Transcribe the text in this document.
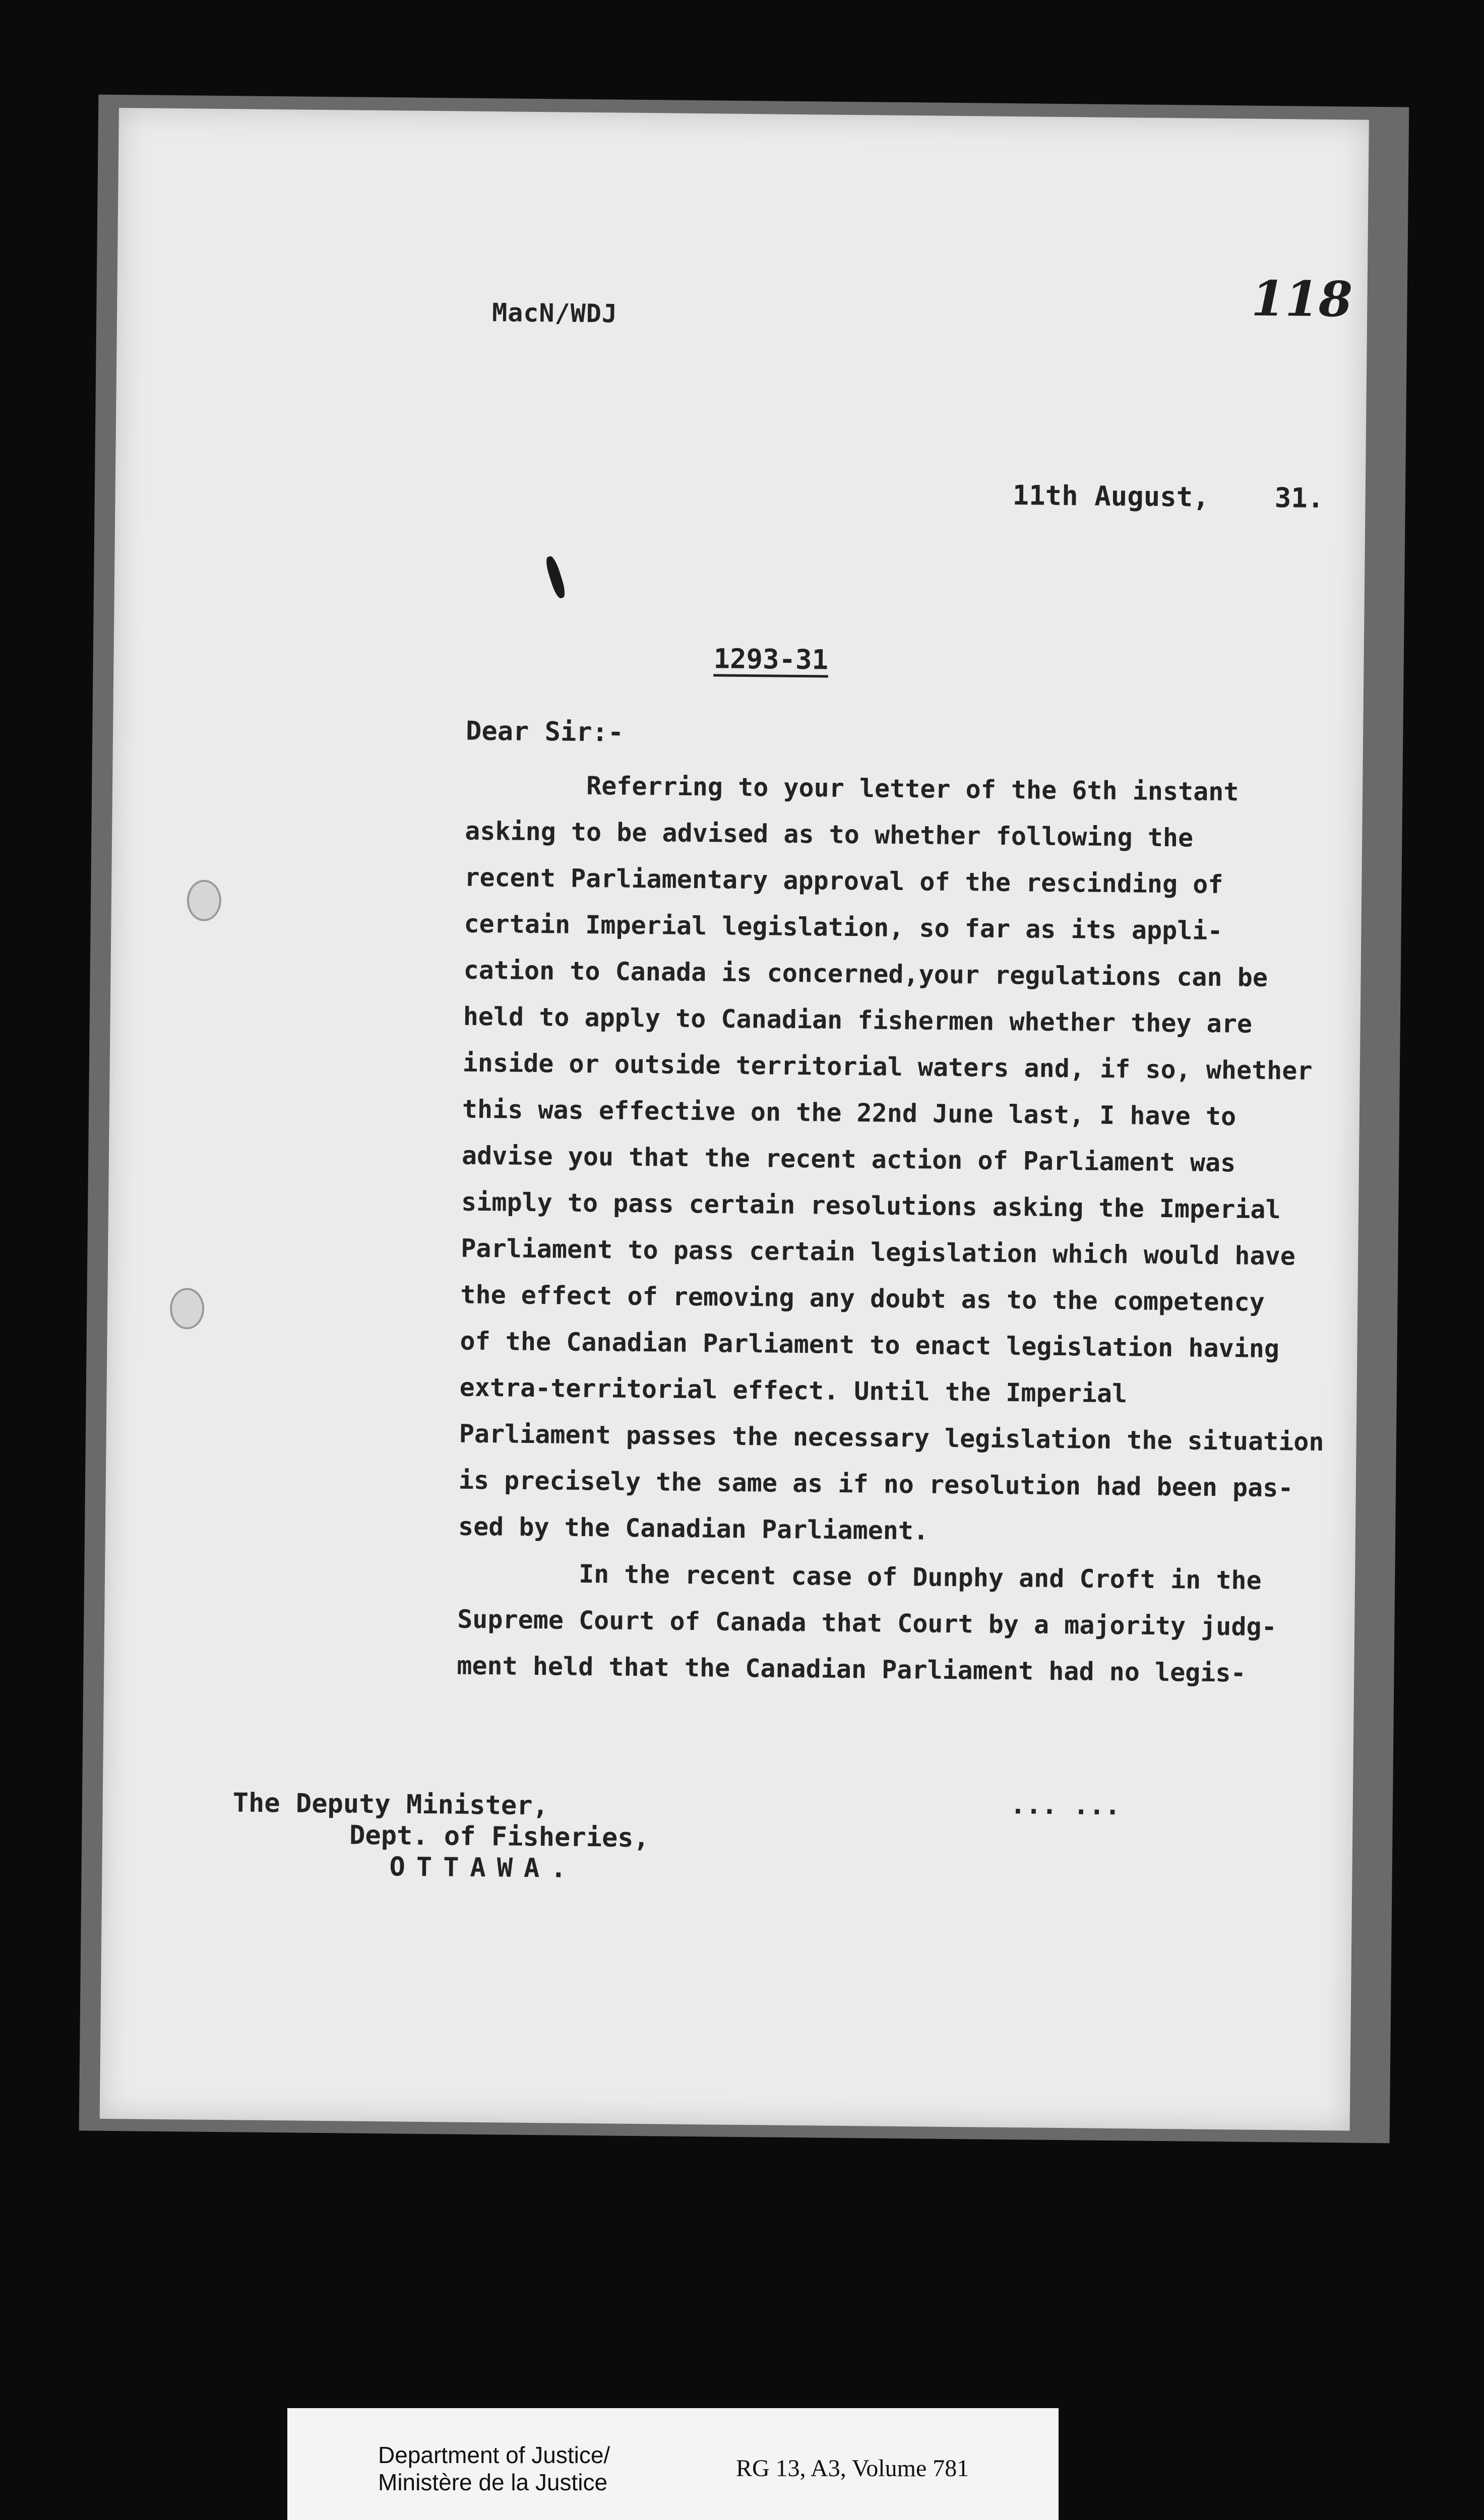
MacN/WDJ	118
11th August, 31.
1293-31
Dear Sir:-
Referring to your letter of the 6th instant
asking to be advised as to whether following the
recent Parliamentary approval of the rescinding of
certain Imperial legislation, so far as its appli-
cation to Canada is concerned,your regulations can be
held to apply to Canadian fishermen whether they are
inside or outside territorial waters and, if so, whether
this was effective on the 22nd June last, I have to
advise you that the recent action of Parliament was
simply to pass certain resolutions asking the Imperial
Parliament to pass certain legislation which would have
the effect of removing any doubt as to the competency
of the Canadian Parliament to enact legislation having
extra-territorial effect. Until the Imperial
Parliament passes the necessary legislation the situation
is precisely the same as if no resolution had been pas-
sed by the Canadian Parliament.
In the recent case of Dunphy and Croft in the
Supreme Court of Canada that Court by a majority judg-
ment held that the Canadian Parliament had no legis-
... ...
The Deputy Minister,
Dept. of Fisheries,
OTTAWA.
Department of Justice/
Ministère de la Justice
RG 13, A3, Volume 781
